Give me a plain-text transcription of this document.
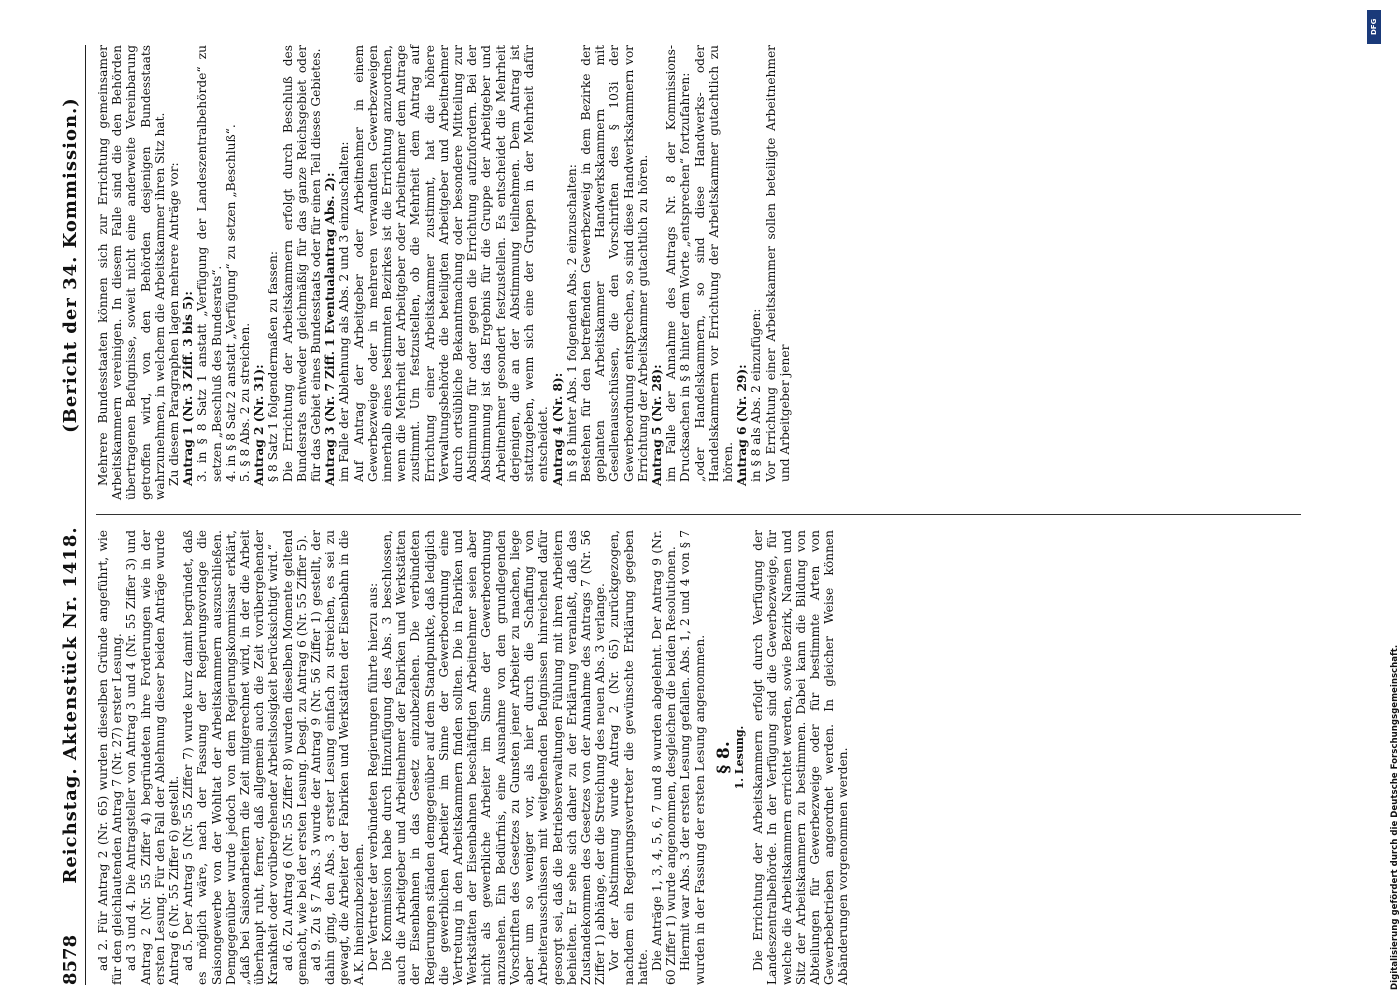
8578
Reichstag. Aktenstück Nr. 1418.
(Bericht der 34. Kommission.)

ad 2. Für Antrag 2 (Nr. 65) wurden dieselben Gründe angeführt, wie für den gleichlautenden Antrag 7 (Nr. 27) erster Lesung. ad 3 und 4. Die Antragsteller von Antrag 3 und 4 (Nr. 55 Ziffer 3) und Antrag 2 (Nr. 55 Ziffer 4) begründeten ihre Forderungen wie in der ersten Lesung. Für den Fall der Ablehnung dieser beiden Anträge wurde Antrag 6 (Nr. 55 Ziffer 6) gestellt. ad 5. Der Antrag 5 (Nr. 55 Ziffer 7) wurde kurz damit begründet, daß es möglich wäre, nach der Fassung der Regierungsvorlage die Saisongewerbe von der Wohltat der Arbeitskammern auszuschließen. Demgegenüber wurde jedoch von dem Regierungskommissar erklärt, „daß bei Saisonarbeitern die Zeit mitgerechnet wird, in der die Arbeit überhaupt ruht, ferner, daß allgemein auch die Zeit vorübergehender Krankheit oder vorübergehender Arbeitslosigkeit berücksichtigt wird.“ ad 6. Zu Antrag 6 (Nr. 55 Ziffer 8) wurden dieselben Momente geltend gemacht, wie bei der ersten Lesung. Desgl. zu Antrag 6 (Nr. 55 Ziffer 5). ad 9. Zu § 7 Abs. 3 wurde der Antrag 9 (Nr. 56 Ziffer 1) gestellt, der dahin ging, den Abs. 3 erster Lesung einfach zu streichen, es sei zu gewagt, die Arbeiter der Fabriken und Werkstätten der Eisenbahn in die A.K. hineinzubeziehen. Der Vertreter der verbündeten Regierungen führte hierzu aus: Die Kommission habe durch Hinzufügung des Abs. 3 beschlossen, auch die Arbeitgeber und Arbeitnehmer der Fabriken und Werkstätten der Eisenbahnen in das Gesetz einzubeziehen. Die verbündeten Regierungen ständen demgegenüber auf dem Standpunkte, daß lediglich die gewerblichen Arbeiter im Sinne der Gewerbeordnung eine Vertretung in den Arbeitskammern finden sollten. Die in Fabriken und Werkstätten der Eisenbahnen beschäftigten Arbeitnehmer seien aber nicht als gewerbliche Arbeiter im Sinne der Gewerbeordnung anzusehen. Ein Bedürfnis, eine Ausnahme von den grundlegenden Vorschriften des Gesetzes zu Gunsten jener Arbeiter zu machen, liege aber um so weniger vor, als hier durch die Schaffung von Arbeiterausschüssen mit weitgehenden Befugnissen hinreichend dafür gesorgt sei, daß die Betriebsverwaltungen Fühlung mit ihren Arbeitern behielten. Er sehe sich daher zu der Erklärung veranlaßt, daß das Zustandekommen des Gesetzes von der Annahme des Antrags 7 (Nr. 56 Ziffer 1) abhänge, der die Streichung des neuen Abs. 3 verlange. Vor der Abstimmung wurde Antrag 2 (Nr. 65) zurückgezogen, nachdem ein Regierungsvertreter die gewünschte Erklärung gegeben hatte. Die Anträge 1, 3, 4, 5, 6, 7 und 8 wurden abgelehnt. Der Antrag 9 (Nr. 60 Ziffer 1) wurde angenommen, desgleichen die beiden Resolutionen. Hiermit war Abs. 3 der ersten Lesung gefallen. Abs. 1, 2 und 4 von § 7 wurden in der Fassung der ersten Lesung angenommen. § 8. 1. Lesung. Die Errichtung der Arbeitskammern erfolgt durch Verfügung der Landeszentralbehörde. In der Verfügung sind die Gewerbezweige, für welche die Arbeitskammern errichtet werden, sowie Bezirk, Namen und Sitz der Arbeitskammern zu bestimmen. Dabei kann die Bildung von Abteilungen für Gewerbezweige oder für bestimmte Arten von Gewerbebetrieben angeordnet werden. In gleicher Weise können Abänderungen vorgenommen werden.

Mehrere Bundesstaaten können sich zur Errichtung gemeinsamer Arbeitskammern vereinigen. In diesem Falle sind die den Behörden übertragenen Befugnisse, soweit nicht eine anderweite Vereinbarung getroffen wird, von den Behörden desjenigen Bundesstaats wahrzunehmen, in welchem die Arbeitskammer ihren Sitz hat. Zu diesem Paragraphen lagen mehrere Anträge vor: Antrag 1 (Nr. 3 Ziff. 3 bis 5): 3. in § 8 Satz 1 anstatt „Verfügung der Landeszentralbehörde“ zu setzen „Beschluß des Bundesrats“. 4. in § 8 Satz 2 anstatt „Verfügung“ zu setzen „Beschluß“. 5. § 8 Abs. 2 zu streichen. Antrag 2 (Nr. 31): § 8 Satz 1 folgendermaßen zu fassen: Die Errichtung der Arbeitskammern erfolgt durch Beschluß des Bundesrats entweder gleichmäßig für das ganze Reichsgebiet oder für das Gebiet eines Bundesstaats oder für einen Teil dieses Gebietes. Antrag 3 (Nr. 7 Ziff. 1 Eventualantrag Abs. 2): im Falle der Ablehnung als Abs. 2 und 3 einzuschalten: Auf Antrag der Arbeitgeber oder Arbeitnehmer in einem Gewerbezweige oder in mehreren verwandten Gewerbezweigen innerhalb eines bestimmten Bezirkes ist die Errichtung anzuordnen, wenn die Mehrheit der Arbeitgeber oder Arbeitnehmer dem Antrage zustimmt. Um festzustellen, ob die Mehrheit dem Antrag auf Errichtung einer Arbeitskammer zustimmt, hat die höhere Verwaltungsbehörde die beteiligten Arbeitgeber und Arbeitnehmer durch ortsübliche Bekanntmachung oder besondere Mitteilung zur Abstimmung für oder gegen die Errichtung aufzufordern. Bei der Abstimmung ist das Ergebnis für die Gruppe der Arbeitgeber und Arbeitnehmer gesondert festzustellen. Es entscheidet die Mehrheit derjenigen, die an der Abstimmung teilnehmen. Dem Antrag ist stattzugeben, wenn sich eine der Gruppen in der Mehrheit dafür entscheidet. Antrag 4 (Nr. 8): in § 8 hinter Abs. 1 folgenden Abs. 2 einzuschalten: Bestehen für den betreffenden Gewerbezweig in dem Bezirke der geplanten Arbeitskammer Handwerkskammern mit Gesellenausschüssen, die den Vorschriften des § 103i der Gewerbeordnung entsprechen, so sind diese Handwerkskammern vor Errichtung der Arbeitskammer gutachtlich zu hören. Antrag 5 (Nr. 28): im Falle der Annahme des Antrags Nr. 8 der Kommissions-Drucksachen in § 8 hinter dem Worte „entsprechen“ fortzufahren: „oder Handelskammern, so sind diese Handwerks- oder Handelskammern vor Errichtung der Arbeitskammer gutachtlich zu hören. Antrag 6 (Nr. 29): in § 8 als Abs. 2 einzufügen: Vor Errichtung einer Arbeitskammer sollen beteiligte Arbeitnehmer und Arbeitgeber jener

DFG
Digitalisierung gefördert durch die Deutsche Forschungsgemeinschaft.
